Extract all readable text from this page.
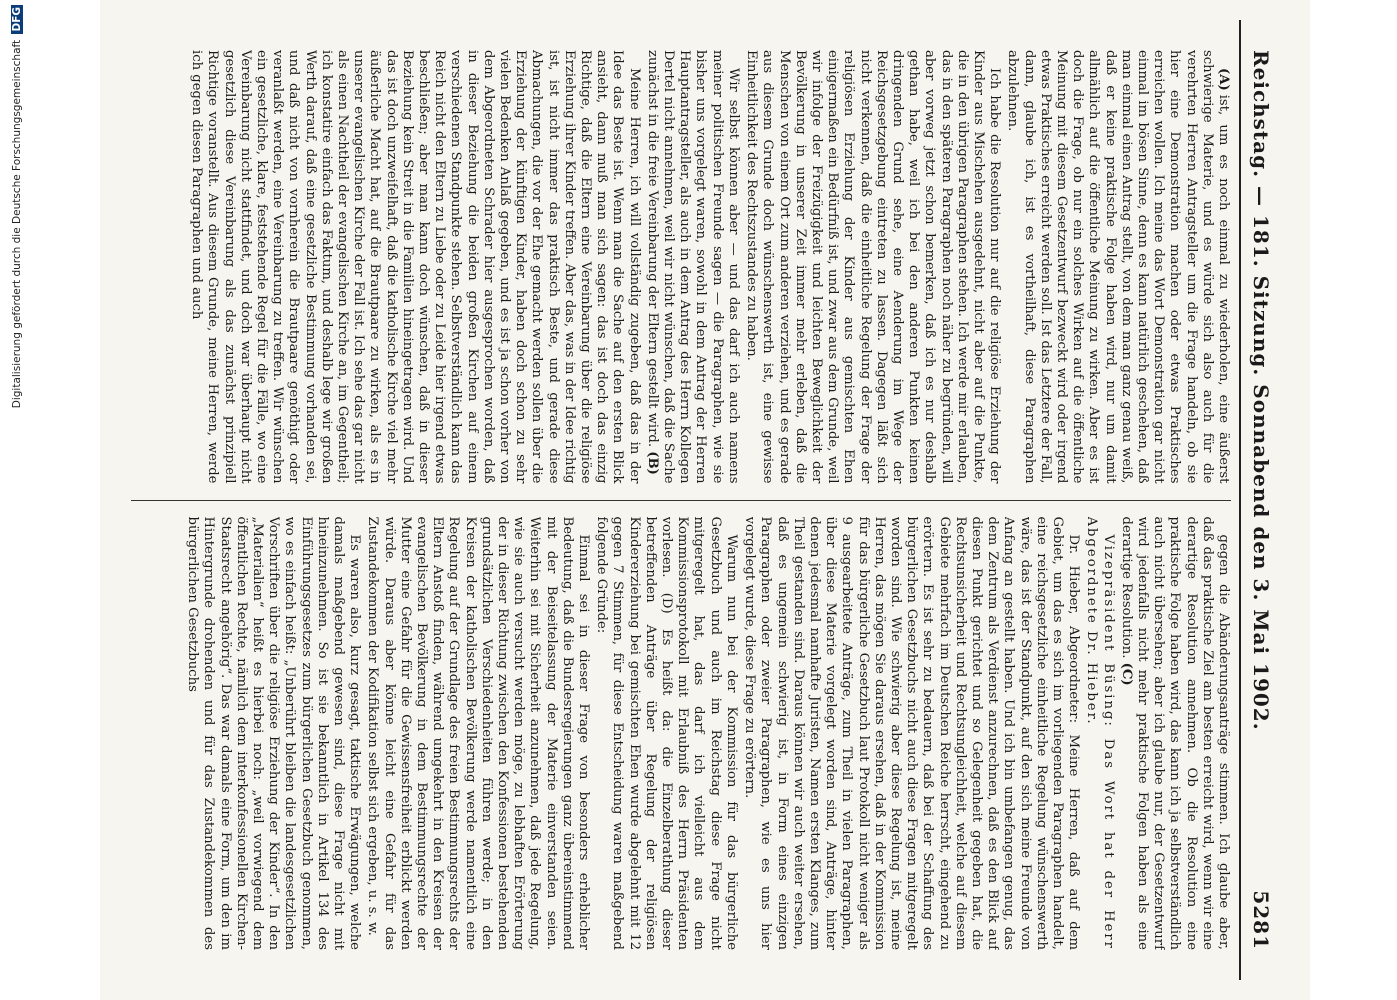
Digitalisierung gefördert durch die Deutsche Forschungsgemeinschaft DFG
Reichstag. — 181. Sitzung. Sonnabend den 3. Mai 1902.
5281

(A)ist, um es noch einmal zu wiederholen, eine äußerst schwierige Materie, und es würde sich also auch für die verehrten Herren Antragsteller um die Frage handeln, ob sie hier eine Demonstration machen oder etwas Praktisches erreichen wollen. Ich meine das Wort Demonstration gar nicht einmal im bösen Sinne, denn es kann natürlich geschehen, daß man einmal einen Antrag stellt, von dem man ganz genau weiß, daß er keine praktische Folge haben wird, nur um damit allmählich auf die öffentliche Meinung zu wirken. Aber es ist doch die Frage, ob nur ein solches Wirken auf die öffentliche Meinung mit diesem Gesetzentwurf bezweckt wird oder irgend etwas Praktisches erreicht werden soll. Ist das Letztere der Fall, dann, glaube ich, ist es vortheilhaft, diese Paragraphen abzulehnen.

Ich habe die Resolution nur auf die religiöse Erziehung der Kinder aus Mischehen ausgedehnt, nicht aber auf die Punkte, die in den übrigen Paragraphen stehen. Ich werde mir erlauben, das in den späteren Paragraphen noch näher zu begründen, will aber vorweg jetzt schon bemerken, daß ich es nur deshalb gethan habe, weil ich bei den anderen Punkten keinen dringenden Grund sehe, eine Aenderung im Wege der Reichsgesetzgebung eintreten zu lassen. Dagegen läßt sich nicht verkennen, daß die einheitliche Regelung der Frage der religiösen Erziehung der Kinder aus gemischten Ehen einigermaßen ein Bedürfniß ist, und zwar aus dem Grunde, weil wir infolge der Freizügigkeit und leichten Beweglichkeit der Bevölkerung in unserer Zeit immer mehr erleben, daß die Menschen von einem Ort zum anderen verziehen, und es gerade aus diesem Grunde doch wünschenswerth ist, eine gewisse Einheitlichkeit des Rechtszustandes zu haben.

Wir selbst können aber — und das darf ich auch namens meiner politischen Freunde sagen — die Paragraphen, wie sie bisher uns vorgelegt waren, sowohl in dem Antrag der Herren Hauptantragsteller, als auch in dem Antrag des Herrn Kollegen Dertel nicht annehmen, weil wir nicht wünschen, daß die Sache zunächst in die freie Vereinbarung der Eltern gestellt wird. (B)

Meine Herren, ich will vollständig zugeben, daß das in der Idee das Beste ist. Wenn man die Sache auf den ersten Blick ansieht, dann muß man sich sagen: das ist doch das einzig Richtige, daß die Eltern eine Vereinbarung über die religiöse Erziehung ihrer Kinder treffen. Aber das, was in der Idee richtig ist, ist nicht immer das praktisch Beste, und gerade diese Abmachungen, die vor der Ehe gemacht werden sollen über die Erziehung der künftigen Kinder, haben doch schon zu sehr vielen Bedenken Anlaß gegeben, und es ist ja schon vorher von dem Abgeordneten Schrader hier ausgesprochen worden, daß in dieser Beziehung die beiden großen Kirchen auf einem verschiedenen Standpunkte stehen. Selbstverständlich kann das Reich nicht den Eltern zu Liebe oder zu Leide hier irgend etwas beschließen; aber man kann doch wünschen, daß in dieser Beziehung kein Streit in die Familien hineingetragen wird. Und das ist doch unzweifelhaft, daß die katholische Kirche viel mehr äußerliche Macht hat, auf die Brautpaare zu wirken, als es in unserer evangelischen Kirche der Fall ist. Ich sehe das gar nicht als einen Nachtheil der evangelischen Kirche an, im Gegentheil; ich konstatire einfach das Faktum, und deshalb lege wir großen Werth darauf, daß eine gesetzliche Bestimmung vorhanden sei, und daß nicht von vornherein die Brautpaare genöthigt oder veranlaßt werden, eine Vereinbarung zu treffen. Wir wünschen ein gesetzliche, klare, feststehende Regel für die Fälle, wo eine Vereinbarung nicht stattfindet, und doch war überhaupt nicht gesetzlich diese Vereinbarung als das zunächst prinzipiell Richtige voranstellt. Aus diesem Grunde, meine Herren, werde ich gegen diesen Paragraphen und auch

gegen die Abänderungsanträge stimmen. Ich glaube aber, daß das praktische Ziel am besten erreicht wird, wenn wir eine derartige Resolution annehmen. Ob die Resolution eine praktische Folge haben wird, das kann ich ja selbstverständlich auch nicht übersehen; aber ich glaube nur, der Gesetzentwurf wird jedenfalls nicht mehr praktische Folgen haben als eine derartige Resolution. (C)

Vizepräsident Büsing: Das Wort hat der Herr Abgeordnete Dr. Hieber.

Dr. Hieber, Abgeordneter: Meine Herren, daß auf dem Gebiet, um das es sich im vorliegenden Paragraphen handelt, eine reichsgesetzliche einheitliche Regelung wünschenswerth wäre, das ist der Standpunkt, auf den sich meine Freunde von Anfang an gestellt haben. Und ich bin umbefangen genug, das dem Zentrum als Verdienst anzurechnen, daß es den Blick auf diesen Punkt gerichtet und so Gelegenheit gegeben hat, die Rechtsunsicherheit und Rechtsungleichheit, welche auf diesem Gebiete mehrfach im Deutschen Reiche herrscht, eingehend zu erörtern. Es ist sehr zu bedauern, daß bei der Schaffung des bürgerlichen Gesetzbuchs nicht auch diese Fragen mitgeregelt worden sind. Wie schwierig aber diese Regelung ist, meine Herren, das mögen Sie daraus ersehen, daß in der Kommission für das bürgerliche Gesetzbuch laut Protokoll nicht weniger als 9 ausgearbeitete Anträge, zum Theil in vielen Paragraphen, über diese Materie vorgelegt worden sind, Anträge, hinter denen jedesmal namhafte Juristen, Namen ersten Klanges, zum Theil gestanden sind. Daraus können wir auch weiter ersehen, daß es ungemein schwierig ist, in Form eines einzigen Paragraphen oder zweier Paragraphen, wie es uns hier vorgelegt wurde, diese Frage zu erörtern.

Warum nun bei der Kommission für das bürgerliche Gesetzbuch und auch im Reichstag diese Frage nicht mitgeregelt hat, das darf ich vielleicht aus dem Kommissionsprotokoll mit Erlaubniß des Herrn Präsidenten vorlesen. (D) Es heißt da: die Einzelberathung dieser betreffenden Anträge über Regelung der religiösen Kindererziehung bei gemischten Ehen wurde abgelehnt mit 12 gegen 7 Stimmen, für diese Entscheidung waren maßgebend folgende Gründe:

Einmal sei in dieser Frage von besonders erheblicher Bedeutung, daß die Bundesregierungen ganz übereinstimmend mit der Beiseitelassung der Materie einverstanden seien. Weiterhin sei mit Sicherheit anzunehmen, daß jede Regelung, wie sie auch versucht werden möge, zu lebhaften Erörterung der in dieser Richtung zwischen den Konfessionen bestehenden grundsätzlichen Verschiedenheiten führen werde; in den Kreisen der katholischen Bevölkerung werde namentlich eine Regelung auf der Grundlage des freien Bestimmungsrechts der Eltern Anstoß finden, während umgekehrt in den Kreisen der evangelischen Bevölkerung in dem Bestimmungsrechte der Mutter eine Gefahr für die Gewissensfreiheit erblickt werden würde. Daraus aber könne leicht eine Gefahr für das Zustandekommen der Kodifikation selbst sich ergeben, u. s. w.

Es waren also, kurz gesagt, taktische Erwägungen, welche damals maßgebend gewesen sind, diese Frage nicht mit hineinzunehmen. So ist sie bekanntlich in Artikel 134 des Einführungsgesetzes zum bürgerlichen Gesetzbuch genommen, wo es einfach heißt: „Unberührt bleiben die landesgesetzlichen Vorschriften über die religiöse Erziehung der Kinder“. In den „Materialien“ heißt es hierbei noch: „weil vorwiegend dem öffentlichen Rechte, nämlich dem interkonfessionellen Kirchen-Staatsrecht angehörig“. Das war damals eine Form, um den im Hintergrunde drohenden und für das Zustandekommen des bürgerlichen Gesetzbuchs
